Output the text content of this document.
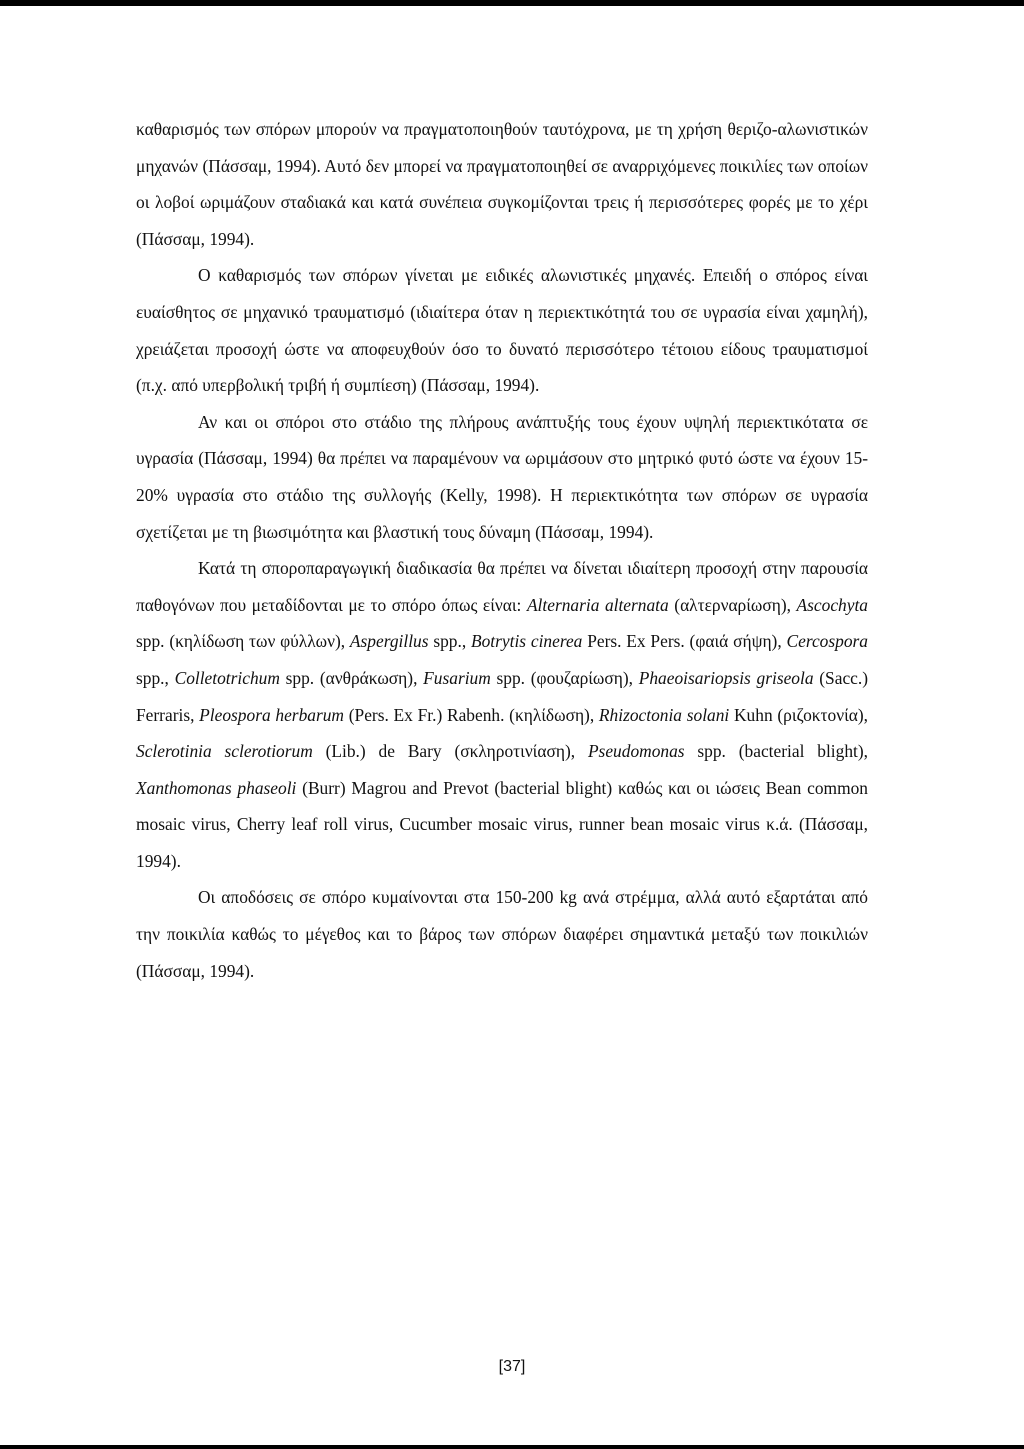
καθαρισμός των σπόρων μπορούν να πραγματοποιηθούν ταυτόχρονα, με τη χρήση θεριζο-αλωνιστικών μηχανών (Πάσσαμ, 1994). Αυτό δεν μπορεί να πραγματοποιηθεί σε αναρριχόμενες ποικιλίες των οποίων οι λοβοί ωριμάζουν σταδιακά και κατά συνέπεια συγκομίζονται τρεις ή περισσότερες φορές με το χέρι (Πάσσαμ, 1994).

Ο καθαρισμός των σπόρων γίνεται με ειδικές αλωνιστικές μηχανές. Επειδή ο σπόρος είναι ευαίσθητος σε μηχανικό τραυματισμό (ιδιαίτερα όταν η περιεκτικότητά του σε υγρασία είναι χαμηλή), χρειάζεται προσοχή ώστε να αποφευχθούν όσο το δυνατό περισσότερο τέτοιου είδους τραυματισμοί (π.χ. από υπερβολική τριβή ή συμπίεση) (Πάσσαμ, 1994).

Αν και οι σπόροι στο στάδιο της πλήρους ανάπτυξής τους έχουν υψηλή περιεκτικότατα σε υγρασία (Πάσσαμ, 1994) θα πρέπει να παραμένουν να ωριμάσουν στο μητρικό φυτό ώστε να έχουν 15-20% υγρασία στο στάδιο της συλλογής (Kelly, 1998). Η περιεκτικότητα των σπόρων σε υγρασία σχετίζεται με τη βιωσιμότητα και βλαστική τους δύναμη (Πάσσαμ, 1994).

Κατά τη σποροπαραγωγική διαδικασία θα πρέπει να δίνεται ιδιαίτερη προσοχή στην παρουσία παθογόνων που μεταδίδονται με το σπόρο όπως είναι: Alternaria alternata (αλτερναρίωση), Ascochyta spp. (κηλίδωση των φύλλων), Aspergillus spp., Botrytis cinerea Pers. Ex Pers. (φαιά σήψη), Cercospora spp., Colletotrichum spp. (ανθράκωση), Fusarium spp. (φουζαρίωση), Phaeoisariopsis griseola (Sacc.) Ferraris, Pleospora herbarum (Pers. Ex Fr.) Rabenh. (κηλίδωση), Rhizoctonia solani Kuhn (ριζοκτονία), Sclerotinia sclerotiorum (Lib.) de Bary (σκληροτινίαση), Pseudomonas spp. (bacterial blight), Xanthomonas phaseoli (Burr) Magrou and Prevot (bacterial blight) καθώς και οι ιώσεις Bean common mosaic virus, Cherry leaf roll virus, Cucumber mosaic virus, runner bean mosaic virus κ.ά. (Πάσσαμ, 1994).

Οι αποδόσεις σε σπόρο κυμαίνονται στα 150-200 kg ανά στρέμμα, αλλά αυτό εξαρτάται από την ποικιλία καθώς το μέγεθος και το βάρος των σπόρων διαφέρει σημαντικά μεταξύ των ποικιλιών (Πάσσαμ, 1994).

[37]
